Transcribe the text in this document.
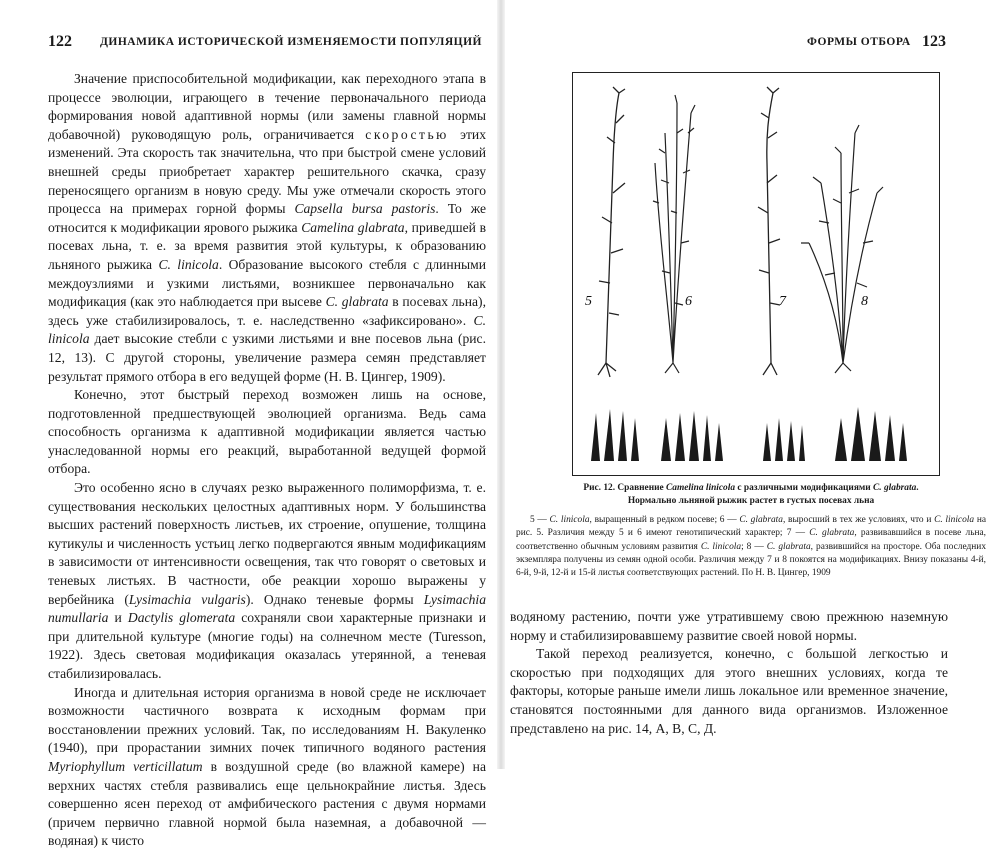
122 ДИНАМИКА ИСТОРИЧЕСКОЙ ИЗМЕНЯЕМОСТИ ПОПУЛЯЦИЙ

Значение приспособительной модификации, как переходного этапа в процессе эволюции, играющего в течение первоначального периода формирования новой адаптивной нормы (или замены главной нормы добавочной) руководящую роль, ограничивается скоростью этих изменений. Эта скорость так значительна, что при быстрой смене условий внешней среды приобретает характер решительного скачка, сразу переносящего организм в новую среду. Мы уже отмечали скорость этого процесса на примерах горной формы Capsella bursa pastoris. То же относится к модификации ярового рыжика Camelina glabrata, приведшей в посевах льна, т. е. за время развития этой культуры, к образованию льняного рыжика C. linicola. Образование высокого стебля с длинными междоузлиями и узкими листьями, возникшее первоначально как модификация (как это наблюдается при высеве C. glabrata в посевах льна), здесь уже стабилизировалось, т. е. наследственно «зафиксировано». C. linicola дает высокие стебли с узкими листьями и вне посевов льна (рис. 12, 13). С другой стороны, увеличение размера семян представляет результат прямого отбора в его ведущей форме (Н. В. Цингер, 1909).

Конечно, этот быстрый переход возможен лишь на основе, подготовленной предшествующей эволюцией организма. Ведь сама способность организма к адаптивной модификации является частью унаследованной нормы его реакций, выработанной ведущей формой отбора.

Это особенно ясно в случаях резко выраженного полиморфизма, т. е. существования нескольких целостных адаптивных норм. У большинства высших растений поверхность листьев, их строение, опушение, толщина кутикулы и численность устьиц легко подвергаются явным модификациям в зависимости от интенсивности освещения, так что говорят о световых и теневых листьях. В частности, обе реакции хорошо выражены у вербейника (Lysimachia vulgaris). Однако теневые формы Lysimachia numullaria и Dactylis glomerata сохраняли свои характерные признаки и при длительной культуре (многие годы) на солнечном месте (Turesson, 1922). Здесь световая модификация оказалась утерянной, а теневая стабилизировалась.

Иногда и длительная история организма в новой среде не исключает возможности частичного возврата к исходным формам при восстановлении прежних условий. Так, по исследованиям Н. Вакуленко (1940), при прорастании зимних почек типичного водяного растения Myriophyllum verticillatum в воздушной среде (во влажной камере) на верхних частях стебля развивались еще цельнокрайние листья. Здесь совершенно ясен переход от амфибического растения с двумя нормами (причем первично главной нормой была наземная, а добавочной — водяная) к чисто

ФОРМЫ ОТБОРА 123
5	6	7	8
Рис. 12. Сравнение Camelina linicola с различными модификациями C. glabrata.
Нормально льняной рыжик растет в густых посевах льна

5 — C. linicola, выращенный в редком посеве; 6 — C. glabrata, выросший в тех же условиях, что и C. linicola на рис. 5. Различия между 5 и 6 имеют генотипический характер; 7 — C. glabrata, развивавшийся в посеве льна, соответственно обычным условиям развития C. linicola; 8 — C. glabrata, развившийся на просторе. Оба последних экземпляра получены из семян одной особи. Различия между 7 и 8 покоятся на модификациях. Внизу показаны 4-й, 6-й, 9-й, 12-й и 15-й листья соответствующих растений. По Н. В. Цингер, 1909

водяному растению, почти уже утратившему свою прежнюю наземную норму и стабилизировавшему развитие своей новой нормы.

Такой переход реализуется, конечно, с большой легкостью и скоростью при подходящих для этого внешних условиях, когда те факторы, которые раньше имели лишь локальное или временное значение, становятся постоянными для данного вида организмов. Изложенное представлено на рис. 14, А, В, С, Д.
